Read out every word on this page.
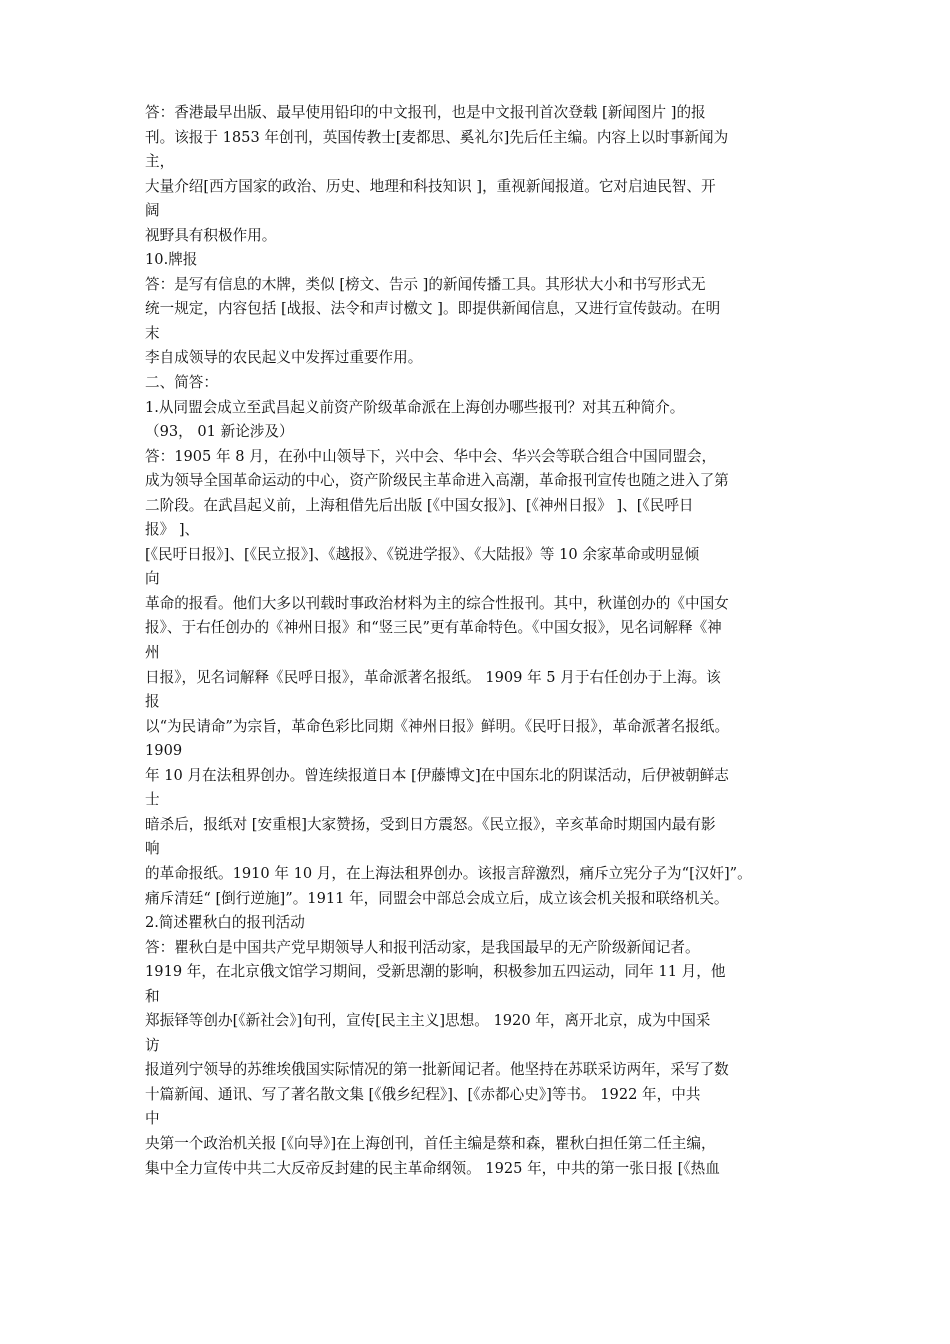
答：香港最早出版、最早使用铅印的中文报刊，也是中文报刊首次登载 [新闻图片 ]的报

刊。该报于 1853 年创刊，英国传教士[麦都思、奚礼尔]先后任主编。内容上以时事新闻为

主，

大量介绍[西方国家的政治、历史、地理和科技知识 ]，重视新闻报道。它对启迪民智、开

阔

视野具有积极作用。

10.牌报

答：是写有信息的木牌，类似 [榜文、告示 ]的新闻传播工具。其形状大小和书写形式无

统一规定，内容包括 [战报、法令和声讨檄文 ]。即提供新闻信息，又进行宣传鼓动。在明

末

李自成领导的农民起义中发挥过重要作用。

二、简答：

1.从同盟会成立至武昌起义前资产阶级革命派在上海创办哪些报刊？对其五种简介。

（93， 01 新论涉及）

答：1905 年 8 月，在孙中山领导下，兴中会、华中会、华兴会等联合组合中国同盟会，

成为领导全国革命运动的中心，资产阶级民主革命进入高潮，革命报刊宣传也随之进入了第

二阶段。在武昌起义前，上海租借先后出版 [《中国女报》]、[《神州日报》 ]、[《民呼日

报》 ]、

[《民吁日报》]、[《民立报》]、《越报》、《锐进学报》、《大陆报》等 10 余家革命或明显倾

向

革命的报看。他们大多以刊载时事政治材料为主的综合性报刊。其中，秋谨创办的《中国女

报》、于右任创办的《神州日报》和“竖三民”更有革命特色。《中国女报》，见名词解释《神

州

日报》，见名词解释《民呼日报》，革命派著名报纸。 1909 年 5 月于右任创办于上海。该

报

以“为民请命”为宗旨，革命色彩比同期《神州日报》鲜明。《民吁日报》，革命派著名报纸。

1909

年 10 月在法租界创办。曾连续报道日本 [伊藤博文]在中国东北的阴谋活动，后伊被朝鲜志

士

暗杀后，报纸对 [安重根]大家赞扬，受到日方震怒。《民立报》，辛亥革命时期国内最有影

响

的革命报纸。1910 年 10 月，在上海法租界创办。该报言辞激烈，痛斥立宪分子为“[汉奸]”。

痛斥清廷“ [倒行逆施]”。1911 年，同盟会中部总会成立后，成立该会机关报和联络机关。

2.简述瞿秋白的报刊活动

答：瞿秋白是中国共产党早期领导人和报刊活动家，是我国最早的无产阶级新闻记者。

1919 年，在北京俄文馆学习期间，受新思潮的影响，积极参加五四运动，同年 11 月，他

和

郑振铎等创办[《新社会》]旬刊，宣传[民主主义]思想。 1920 年，离开北京，成为中国采

访

报道列宁领导的苏维埃俄国实际情况的第一批新闻记者。他坚持在苏联采访两年，采写了数

十篇新闻、通讯、写了著名散文集 [《俄乡纪程》]、[《赤都心史》]等书。 1922 年，中共

中

央第一个政治机关报 [《向导》]在上海创刊，首任主编是蔡和森，瞿秋白担任第二任主编，

集中全力宣传中共二大反帝反封建的民主革命纲领。 1925 年，中共的第一张日报 [《热血
